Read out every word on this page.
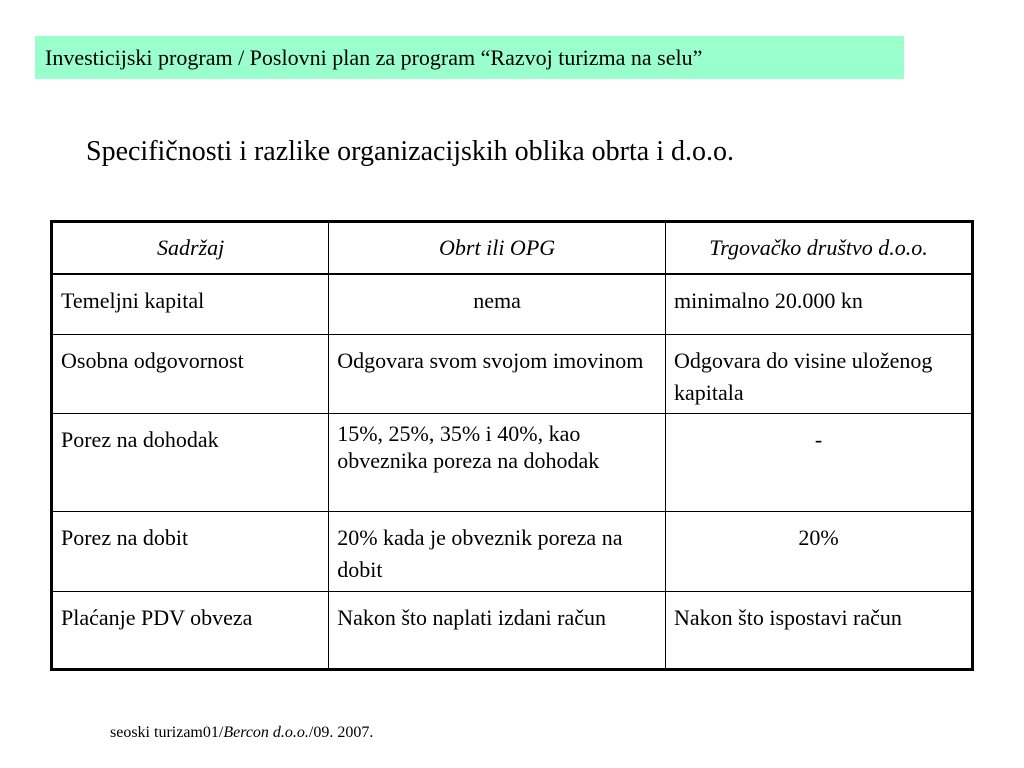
Investicijski program / Poslovni plan za program “Razvoj turizma na selu”
Specifičnosti i razlike organizacijskih oblika obrta i d.o.o.
Sadržaj	Obrt ili OPG	Trgovačko društvo d.o.o.
Temeljni kapital	nema	minimalno 20.000 kn
Osobna odgovornost	Odgovara svom svojom imovinom	Odgovara do visine uloženog kapitala
Porez na dohodak	15%, 25%, 35% i 40%, kao obveznika poreza na dohodak	-
Porez na dobit	20% kada je obveznik poreza na dobit	20%
Plaćanje PDV obveza	Nakon što naplati izdani račun	Nakon što ispostavi račun
seoski turizam01/Bercon d.o.o./09. 2007.
